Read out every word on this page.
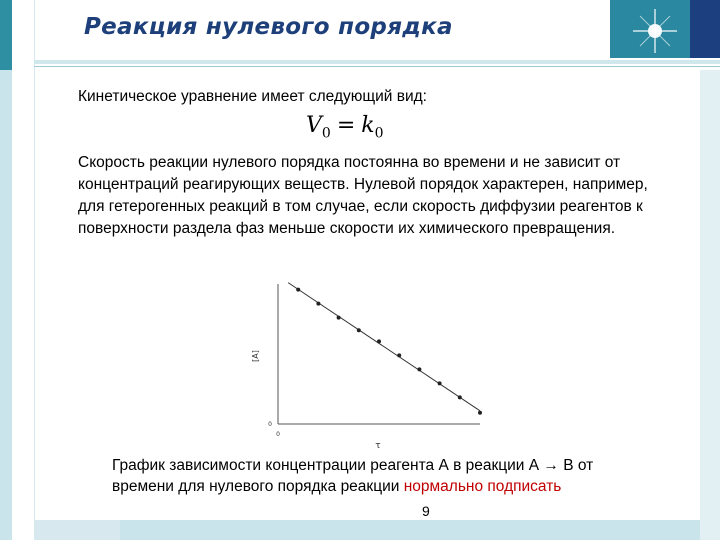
Реакция нулевого порядка
Кинетическое уравнение имеет следующий вид:
$V_0 = k_0$
Скорость реакции нулевого порядка постоянна во времени и не зависит от концентраций реагирующих веществ. Нулевой порядок характерен, например, для гетерогенных реакций в том случае, если скорость диффузии реагентов к поверхности раздела фаз меньше скорости их химического превращения.
[A]
τ
0
0
График зависимости концентрации реагента А в реакции А → В от времени для нулевого порядка реакции нормально подписать
9
